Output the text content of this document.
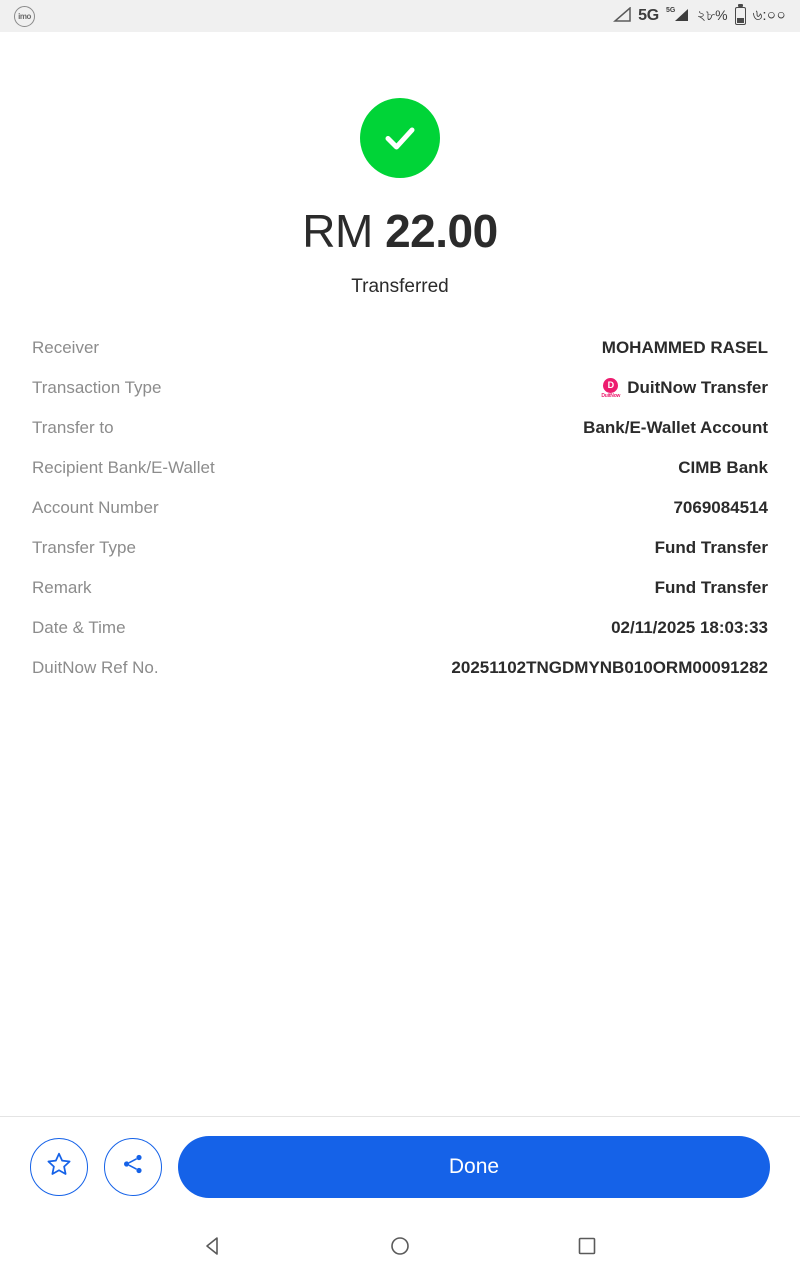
imo	5G 5G ২৮% ৬:০০
RM 22.00
Transferred
Receiver	MOHAMMED RASEL
Transaction Type	D
DuitNow DuitNow Transfer
Transfer to	Bank/E-Wallet Account
Recipient Bank/E-Wallet	CIMB Bank
Account Number	7069084514
Transfer Type	Fund Transfer
Remark	Fund Transfer
Date & Time	02/11/2025 18:03:33
DuitNow Ref No.	20251102TNGDMYNB010ORM00091282
Done
